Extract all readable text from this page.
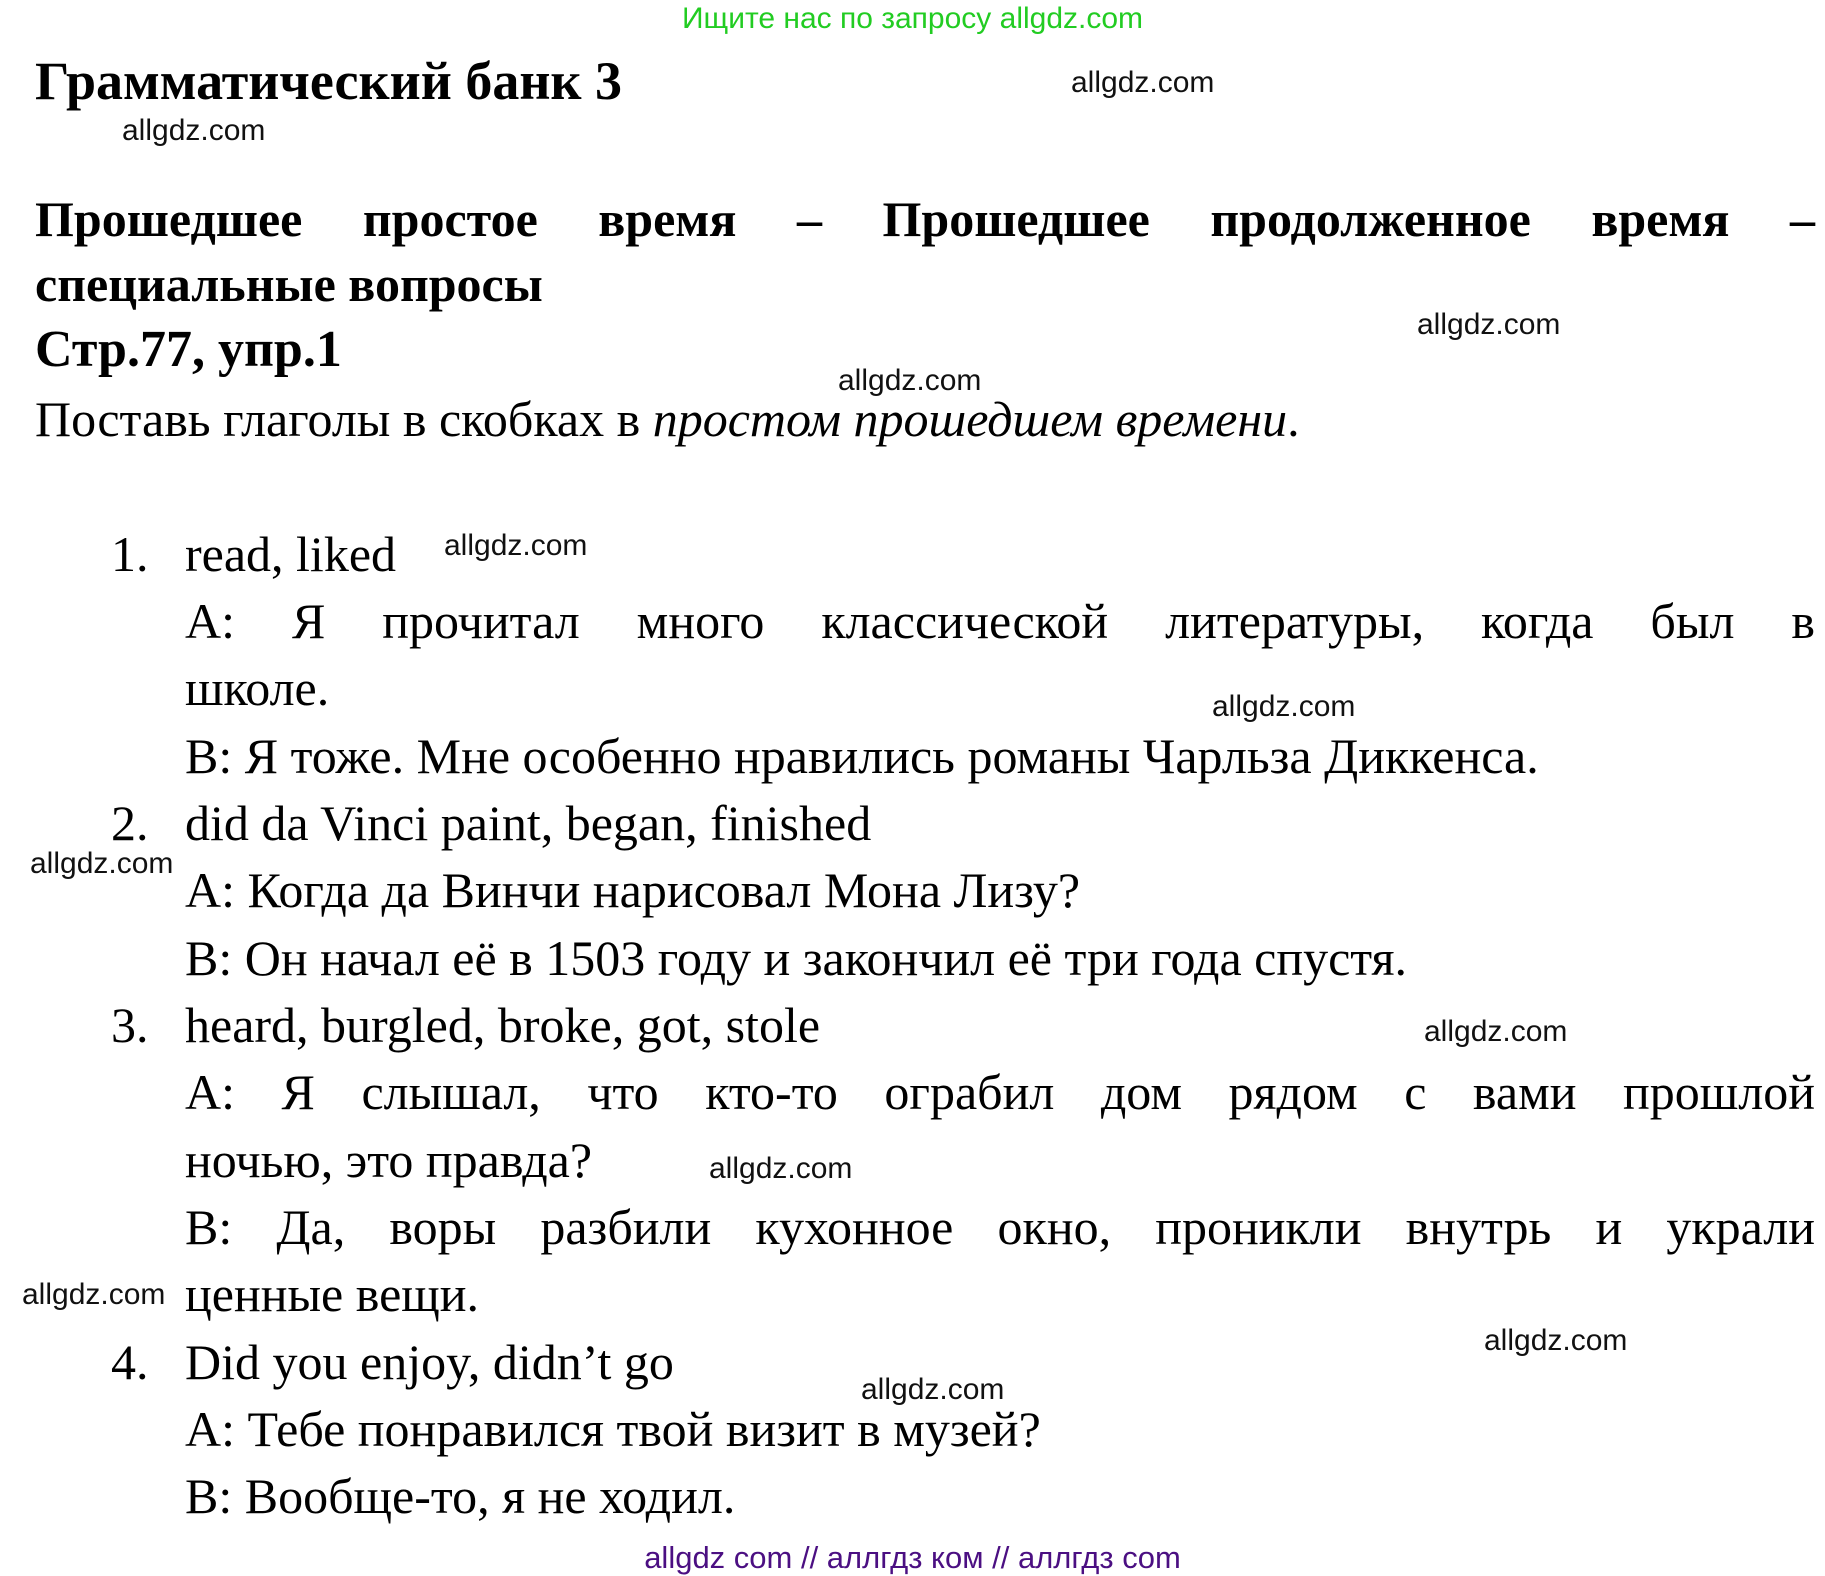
Ищите нас по запросу allgdz.com
Грамматический банк 3
Прошедшее простое время – Прошедшее продолженное время –
специальные вопросы
Стр.77, упр.1
Поставь глаголы в скобках в простом прошедшем времени.
1. read, liked
А: Я прочитал много классической литературы, когда был в
школе.
В: Я тоже. Мне особенно нравились романы Чарльза Диккенса.
2. did da Vinci paint, began, finished
А: Когда да Винчи нарисовал Мона Лизу?
В: Он начал её в 1503 году и закончил её три года спустя.
3. heard, burgled, broke, got, stole
А: Я слышал, что кто-то ограбил дом рядом с вами прошлой
ночью, это правда?
В: Да, воры разбили кухонное окно, проникли внутрь и украли
ценные вещи.
4. Did you enjoy, didn’t go
А: Тебе понравился твой визит в музей?
В: Вообще-то, я не ходил.
allgdz.com
allgdz.com
allgdz.com
allgdz.com
allgdz.com
allgdz.com
allgdz.com
allgdz.com
allgdz.com
allgdz.com
allgdz.com
allgdz.com
allgdz com // аллгдз ком // аллгдз com
